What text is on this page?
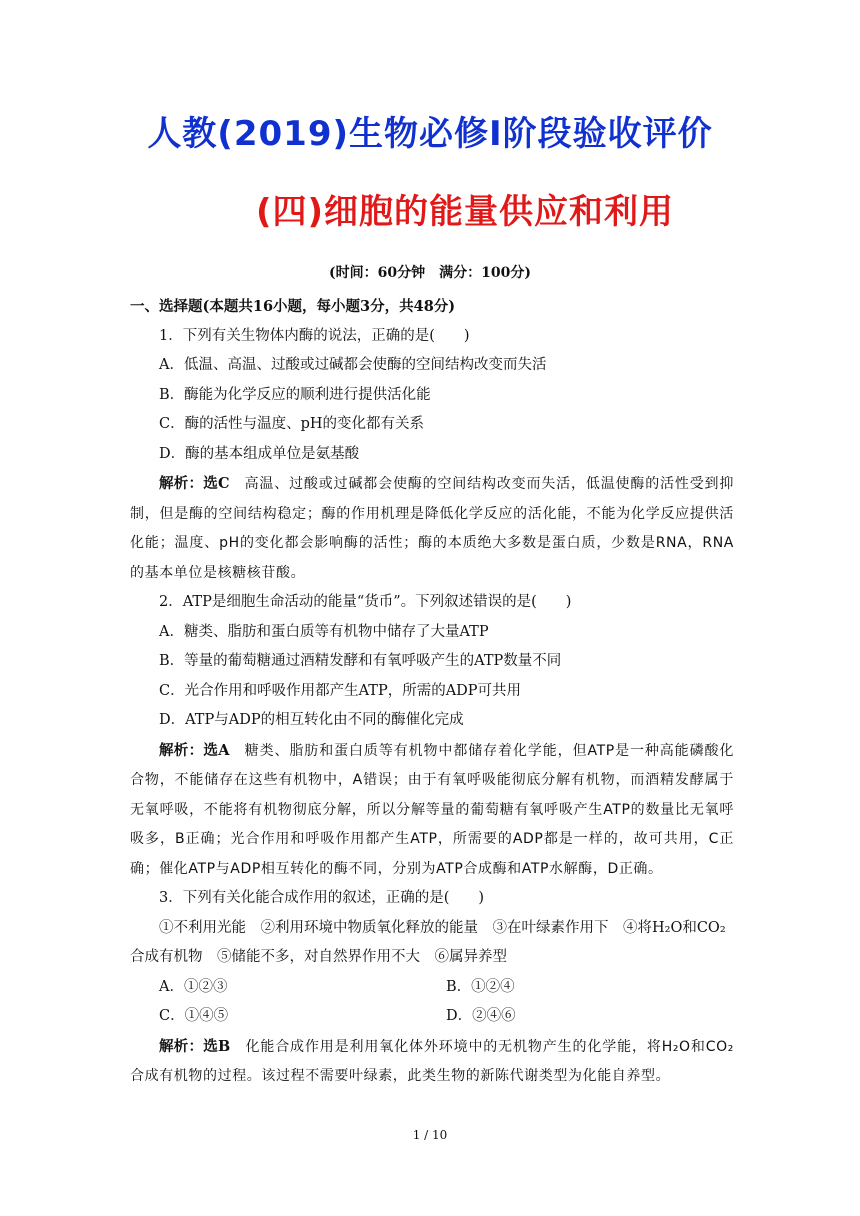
人教(2019)生物必修Ⅰ阶段验收评价
(四)细胞的能量供应和利用
(时间：60分钟　满分：100分)

一、选择题(本题共16小题，每小题3分，共48分)

1．下列有关生物体内酶的说法，正确的是(　　)

A．低温、高温、过酸或过碱都会使酶的空间结构改变而失活

B．酶能为化学反应的顺利进行提供活化能

C．酶的活性与温度、pH的变化都有关系

D．酶的基本组成单位是氨基酸

解析：选C　高温、过酸或过碱都会使酶的空间结构改变而失活，低温使酶的活性受到抑制，但是酶的空间结构稳定；酶的作用机理是降低化学反应的活化能，不能为化学反应提供活化能；温度、pH的变化都会影响酶的活性；酶的本质绝大多数是蛋白质，少数是RNA，RNA的基本单位是核糖核苷酸。

2．ATP是细胞生命活动的能量“货币”。下列叙述错误的是(　　)

A．糖类、脂肪和蛋白质等有机物中储存了大量ATP

B．等量的葡萄糖通过酒精发酵和有氧呼吸产生的ATP数量不同

C．光合作用和呼吸作用都产生ATP，所需的ADP可共用

D．ATP与ADP的相互转化由不同的酶催化完成

解析：选A　糖类、脂肪和蛋白质等有机物中都储存着化学能，但ATP是一种高能磷酸化合物，不能储存在这些有机物中，A错误；由于有氧呼吸能彻底分解有机物，而酒精发酵属于无氧呼吸，不能将有机物彻底分解，所以分解等量的葡萄糖有氧呼吸产生ATP的数量比无氧呼吸多，B正确；光合作用和呼吸作用都产生ATP，所需要的ADP都是一样的，故可共用，C正确；催化ATP与ADP相互转化的酶不同，分别为ATP合成酶和ATP水解酶，D正确。

3．下列有关化能合成作用的叙述，正确的是(　　)

①不利用光能　②利用环境中物质氧化释放的能量　③在叶绿素作用下　④将H₂O和CO₂合成有机物　⑤储能不多，对自然界作用不大　⑥属异养型

A．①②③	B．①②④
C．①④⑤	D．②④⑥

解析：选B　化能合成作用是利用氧化体外环境中的无机物产生的化学能，将H₂O和CO₂合成有机物的过程。该过程不需要叶绿素，此类生物的新陈代谢类型为化能自养型。

1 / 10
